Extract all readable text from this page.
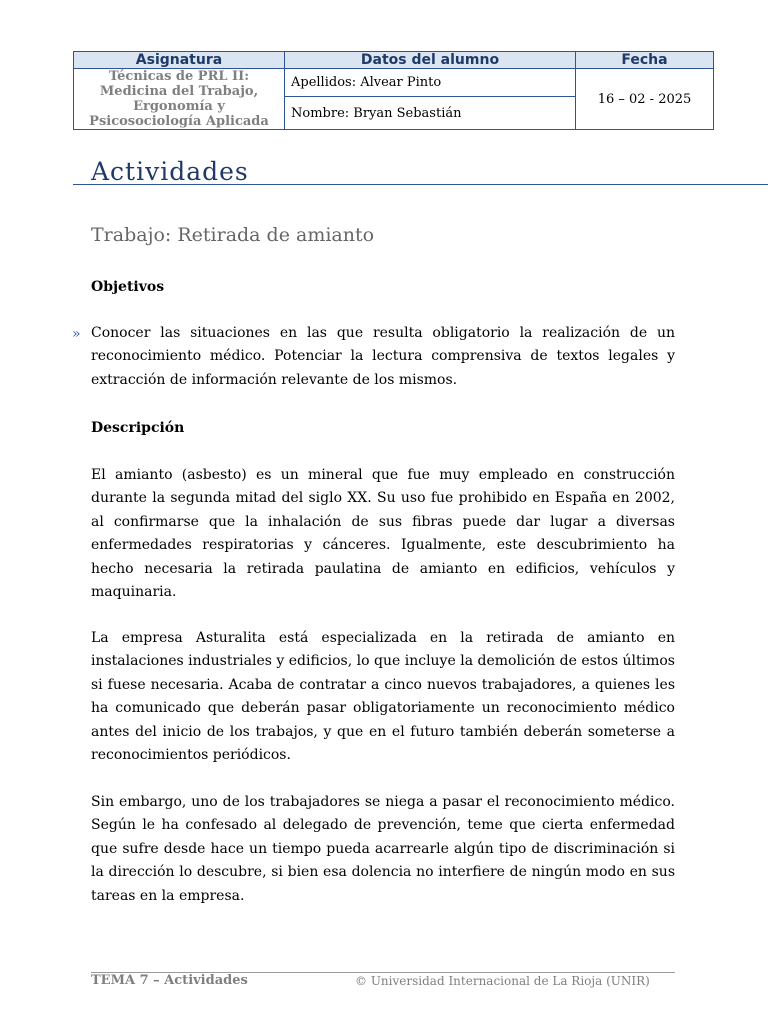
Asignatura	Datos del alumno	Fecha

Técnicas de PRL II:
Medicina del Trabajo,
Ergonomía y
Psicosociología Aplicada	Apellidos: Alvear Pinto	16 – 02 - 2025
	Nombre: Bryan Sebastián	
Actividades
Trabajo: Retirada de amianto
Objetivos
» Conocer las situaciones en las que resulta obligatorio la realización de un reconocimiento médico. Potenciar la lectura comprensiva de textos legales y extracción de información relevante de los mismos.
Descripción
El amianto (asbesto) es un mineral que fue muy empleado en construcción durante la segunda mitad del siglo XX. Su uso fue prohibido en España en 2002, al confirmarse que la inhalación de sus fibras puede dar lugar a diversas enfermedades respiratorias y cánceres. Igualmente, este descubrimiento ha hecho necesaria la retirada paulatina de amianto en edificios, vehículos y maquinaria.
La empresa Asturalita está especializada en la retirada de amianto en instalaciones industriales y edificios, lo que incluye la demolición de estos últimos si fuese necesaria. Acaba de contratar a cinco nuevos trabajadores, a quienes les ha comunicado que deberán pasar obligatoriamente un reconocimiento médico antes del inicio de los trabajos, y que en el futuro también deberán someterse a reconocimientos periódicos.
Sin embargo, uno de los trabajadores se niega a pasar el reconocimiento médico. Según le ha confesado al delegado de prevención, teme que cierta enfermedad que sufre desde hace un tiempo pueda acarrearle algún tipo de discriminación si la dirección lo descubre, si bien esa dolencia no interfiere de ningún modo en sus tareas en la empresa.
TEMA 7 – Actividades	© Universidad Internacional de La Rioja (UNIR)
